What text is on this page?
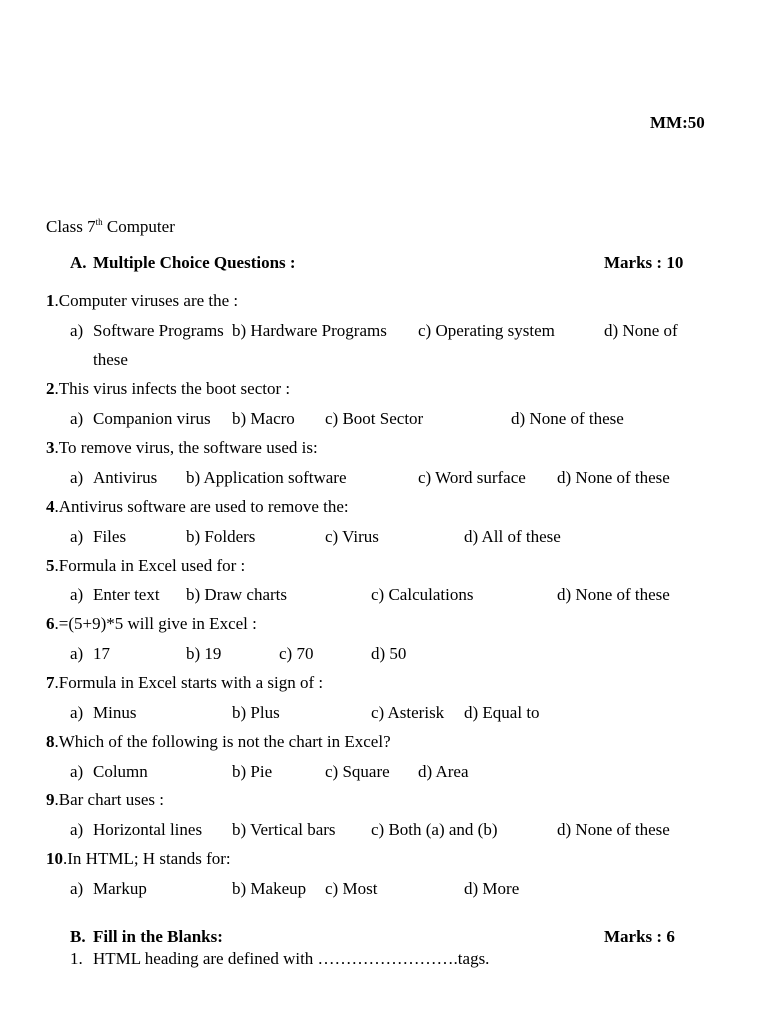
MM:50
Class 7th Computer
A. Multiple Choice Questions :	Marks : 10
1.Computer viruses are the :
a) Software Programs b) Hardware Programs c) Operating system	d) None of
these
2.This virus infects the boot sector :
a) Companion virus b) Macro c) Boot Sector	d) None of these
3.To remove virus, the software used is:
a) Antivirus b) Application software	c) Word surface d) None of these
4.Antivirus software are used to remove the:
a) Files	b) Folders	c) Virus	d) All of these
5.Formula in Excel used for :
a) Enter text b) Draw charts	c) Calculations	d) None of these
6.=(5+9)*5 will give in Excel :
a) 17	b) 19	c) 70	d) 50
7.Formula in Excel starts with a sign of :
a) Minus	b) Plus	c) Asterisk d) Equal to
8.Which of the following is not the chart in Excel?
a) Column	b) Pie	c) Square d) Area
9.Bar chart uses :
a) Horizontal lines b) Vertical bars c) Both (a) and (b)	d) None of these
10.In HTML; H stands for:
a) Markup	b) Makeup c) Most	d) More
B. Fill in the Blanks:	Marks : 6
1. HTML heading are defined with …………………….tags.
